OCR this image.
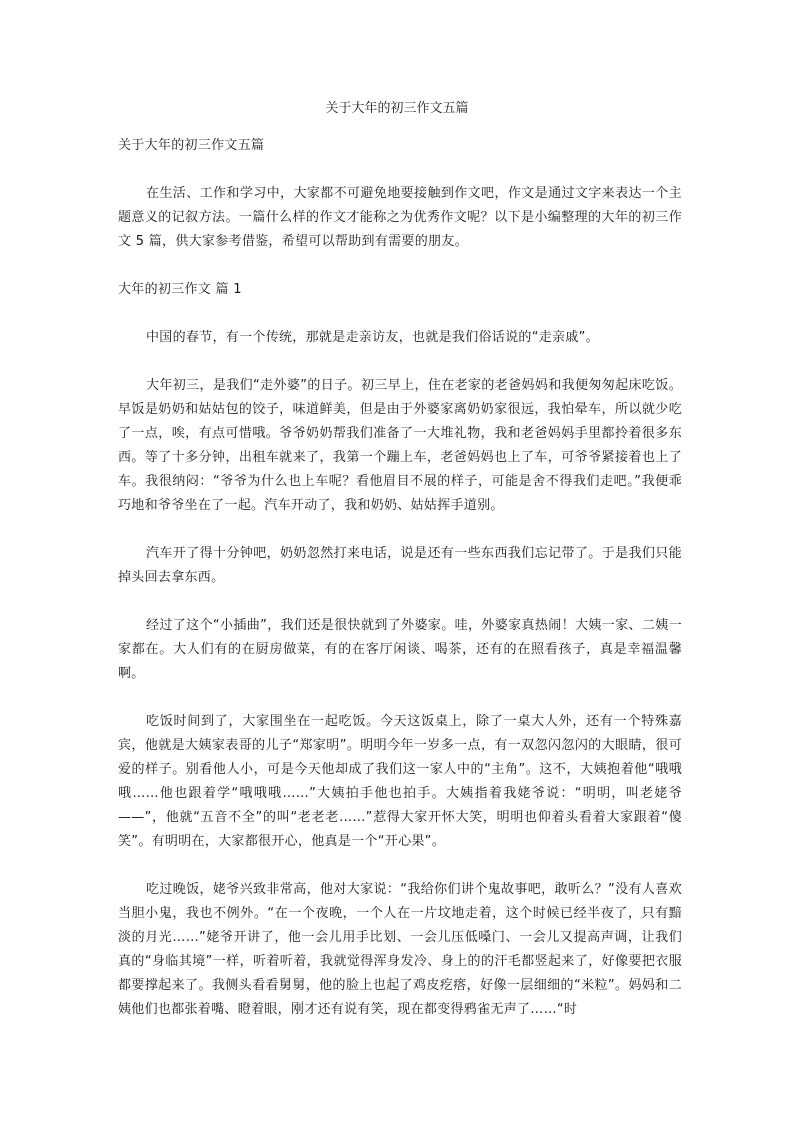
关于大年的初三作文五篇

关于大年的初三作文五篇

在生活、工作和学习中，大家都不可避免地要接触到作文吧，作文是通过文字来表达一个主题意义的记叙方法。一篇什么样的作文才能称之为优秀作文呢？以下是小编整理的大年的初三作文 5 篇，供大家参考借鉴，希望可以帮助到有需要的朋友。

大年的初三作文 篇 1

中国的春节，有一个传统，那就是走亲访友，也就是我们俗话说的“走亲戚”。

大年初三，是我们“走外婆”的日子。初三早上，住在老家的老爸妈妈和我便匆匆起床吃饭。早饭是奶奶和姑姑包的饺子，味道鲜美，但是由于外婆家离奶奶家很远，我怕晕车，所以就少吃了一点，唉，有点可惜哦。爷爷奶奶帮我们准备了一大堆礼物，我和老爸妈妈手里都拎着很多东西。等了十多分钟，出租车就来了，我第一个蹦上车，老爸妈妈也上了车，可爷爷紧接着也上了车。我很纳闷：“爷爷为什么也上车呢？看他眉目不展的样子，可能是舍不得我们走吧。”我便乖巧地和爷爷坐在了一起。汽车开动了，我和奶奶、姑姑挥手道别。

汽车开了得十分钟吧，奶奶忽然打来电话，说是还有一些东西我们忘记带了。于是我们只能掉头回去拿东西。

经过了这个“小插曲”，我们还是很快就到了外婆家。哇，外婆家真热闹！大姨一家、二姨一家都在。大人们有的在厨房做菜，有的在客厅闲谈、喝茶，还有的在照看孩子，真是幸福温馨啊。

吃饭时间到了，大家围坐在一起吃饭。今天这饭桌上，除了一桌大人外，还有一个特殊嘉宾，他就是大姨家表哥的儿子“郑家明”。明明今年一岁多一点，有一双忽闪忽闪的大眼睛，很可爱的样子。别看他人小，可是今天他却成了我们这一家人中的“主角”。这不，大姨抱着他“哦哦哦……他也跟着学“哦哦哦……”大姨拍手他也拍手。大姨指着我姥爷说：“明明，叫老姥爷——”，他就“五音不全”的叫“老老老……”惹得大家开怀大笑，明明也仰着头看着大家跟着“傻笑”。有明明在，大家都很开心，他真是一个“开心果”。

吃过晚饭，姥爷兴致非常高，他对大家说：“我给你们讲个鬼故事吧，敢听么？”没有人喜欢当胆小鬼，我也不例外。“在一个夜晚，一个人在一片坟地走着，这个时候已经半夜了，只有黯淡的月光……”姥爷开讲了，他一会儿用手比划、一会儿压低嗓门、一会儿又提高声调，让我们真的“身临其境”一样，听着听着，我就觉得浑身发冷、身上的的汗毛都竖起来了，好像要把衣服都要撑起来了。我侧头看看舅舅，他的脸上也起了鸡皮疙瘩，好像一层细细的“米粒”。妈妈和二姨他们也都张着嘴、瞪着眼，刚才还有说有笑，现在都变得鸦雀无声了……“时
